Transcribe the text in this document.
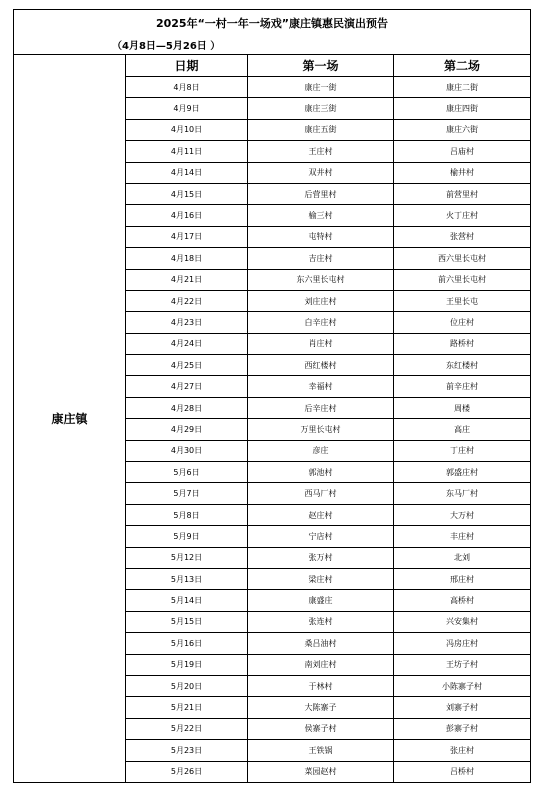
2025年“一村一年一场戏”康庄镇惠民演出预告
（4月8日—5月26日 ）			

康庄镇	日期	第一场	第二场
	4月8日	康庄一街	康庄二街
	4月9日	康庄三街	康庄四街
	4月10日	康庄五街	康庄六街
	4月11日	王庄村	吕庙村
	4月14日	双井村	榆井村
	4月15日	后营里村	前营里村
	4月16日	榆三村	火丁庄村
	4月17日	屯特村	张营村
	4月18日	吉庄村	西六里长屯村
	4月21日	东六里长屯村	前六里长屯村
	4月22日	刘庄庄村	王里长屯
	4月23日	白辛庄村	位庄村
	4月24日	肖庄村	路桥村
	4月25日	西红楼村	东红楼村
	4月27日	幸福村	前辛庄村
	4月28日	后辛庄村	周楼
	4月29日	万里长屯村	高庄
	4月30日	彦庄	丁庄村
	5月6日	郭池村	郭盛庄村
	5月7日	西马厂村	东马厂村
	5月8日	赵庄村	大万村
	5月9日	宁店村	丰庄村
	5月12日	张万村	北刘
	5月13日	梁庄村	邢庄村
	5月14日	康盛庄	高桥村
	5月15日	张连村	兴安集村
	5月16日	桑吕油村	冯房庄村
	5月19日	南刘庄村	王坊子村
	5月20日	于林村	小陈寨子村
	5月21日	大陈寨子	刘寨子村
	5月22日	侯寨子村	彭寨子村
	5月23日	王铁锅	张庄村
	5月26日	菜园赵村	吕桥村
